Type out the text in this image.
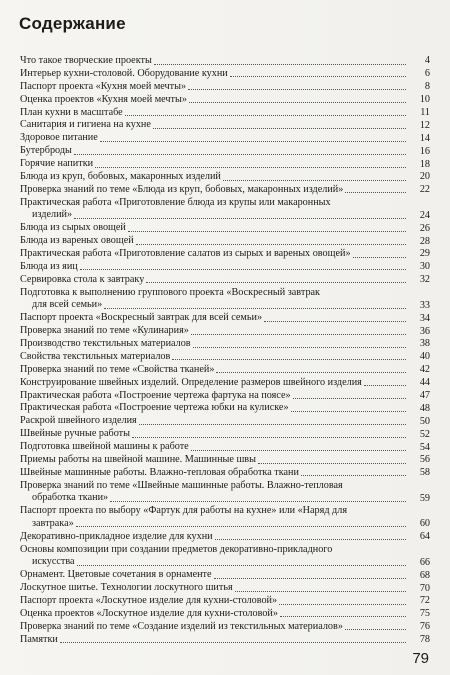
Содержание
Что такое творческие проекты	4
Интерьер кухни-столовой. Оборудование кухни	6
Паспорт проекта «Кухня моей мечты»	8
Оценка проектов «Кухня моей мечты»	10
План кухни в масштабе	11
Санитария и гигиена на кухне	12
Здоровое питание	14
Бутерброды	16
Горячие напитки	18
Блюда из круп, бобовых, макаронных изделий	20
Проверка знаний по теме «Блюда из круп, бобовых, макаронных изделий»	22
Практическая работа «Приготовление блюда из крупы или макаронных
изделий»	24
Блюда из сырых овощей	26
Блюда из вареных овощей	28
Практическая работа «Приготовление салатов из сырых и вареных овощей»	29
Блюда из яиц	30
Сервировка стола к завтраку	32
Подготовка к выполнению группового проекта «Воскресный завтрак
для всей семьи»	33
Паспорт проекта «Воскресный завтрак для всей семьи»	34
Проверка знаний по теме «Кулинария»	36
Производство текстильных материалов	38
Свойства текстильных материалов	40
Проверка знаний по теме «Свойства тканей»	42
Конструирование швейных изделий. Определение размеров швейного изделия	44
Практическая работа «Построение чертежа фартука на поясе»	47
Практическая работа «Построение чертежа юбки на кулиске»	48
Раскрой швейного изделия	50
Швейные ручные работы	52
Подготовка швейной машины к работе	54
Приемы работы на швейной машине. Машинные швы	56
Швейные машинные работы. Влажно-тепловая обработка ткани	58
Проверка знаний по теме «Швейные машинные работы. Влажно-тепловая
обработка ткани»	59
Паспорт проекта по выбору «Фартук для работы на кухне» или «Наряд для
завтрака»	60
Декоративно-прикладное изделие для кухни	64
Основы композиции при создании предметов декоративно-прикладного
искусства	66
Орнамент. Цветовые сочетания в орнаменте	68
Лоскутное шитье. Технологии лоскутного шитья	70
Паспорт проекта «Лоскутное изделие для кухни-столовой»	72
Оценка проектов «Лоскутное изделие для кухни-столовой»	75
Проверка знаний по теме «Создание изделий из текстильных материалов»	76
Памятки	78
79
